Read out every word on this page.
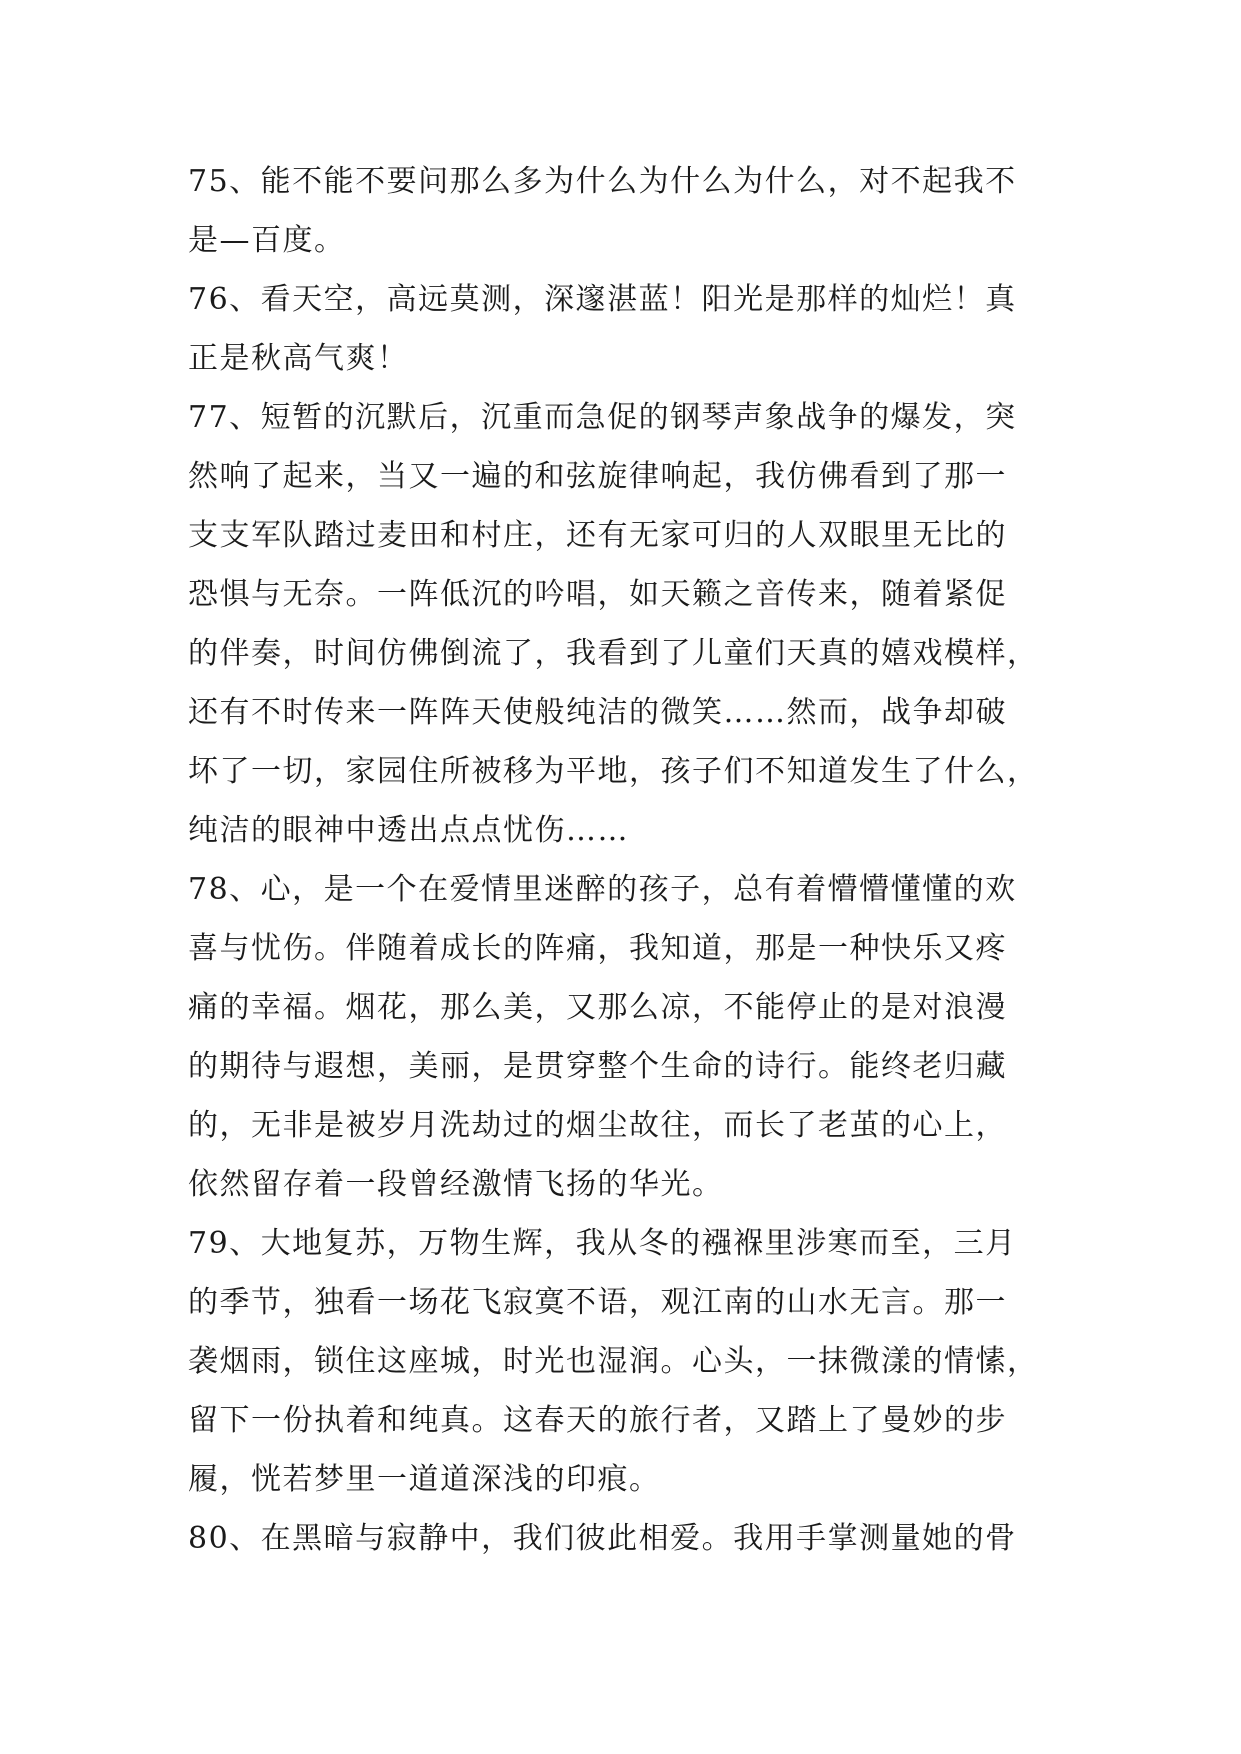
75、能不能不要问那么多为什么为什么为什么，对不起我不
是—百度。
76、看天空，高远莫测，深邃湛蓝！阳光是那样的灿烂！真
正是秋高气爽！
77、短暂的沉默后，沉重而急促的钢琴声象战争的爆发，突
然响了起来，当又一遍的和弦旋律响起，我仿佛看到了那一
支支军队踏过麦田和村庄，还有无家可归的人双眼里无比的
恐惧与无奈。一阵低沉的吟唱，如天籁之音传来，随着紧促
的伴奏，时间仿佛倒流了，我看到了儿童们天真的嬉戏模样，
还有不时传来一阵阵天使般纯洁的微笑……然而，战争却破
坏了一切，家园住所被移为平地，孩子们不知道发生了什么，
纯洁的眼神中透出点点忧伤……
78、心，是一个在爱情里迷醉的孩子，总有着懵懵懂懂的欢
喜与忧伤。伴随着成长的阵痛，我知道，那是一种快乐又疼
痛的幸福。烟花，那么美，又那么凉，不能停止的是对浪漫
的期待与遐想，美丽，是贯穿整个生命的诗行。能终老归藏
的，无非是被岁月洗劫过的烟尘故往，而长了老茧的心上，
依然留存着一段曾经激情飞扬的华光。
79、大地复苏，万物生辉，我从冬的襁褓里涉寒而至，三月
的季节，独看一场花飞寂寞不语，观江南的山水无言。那一
袭烟雨，锁住这座城，时光也湿润。心头，一抹微漾的情愫，
留下一份执着和纯真。这春天的旅行者，又踏上了曼妙的步
履，恍若梦里一道道深浅的印痕。
80、在黑暗与寂静中，我们彼此相爱。我用手掌测量她的骨
